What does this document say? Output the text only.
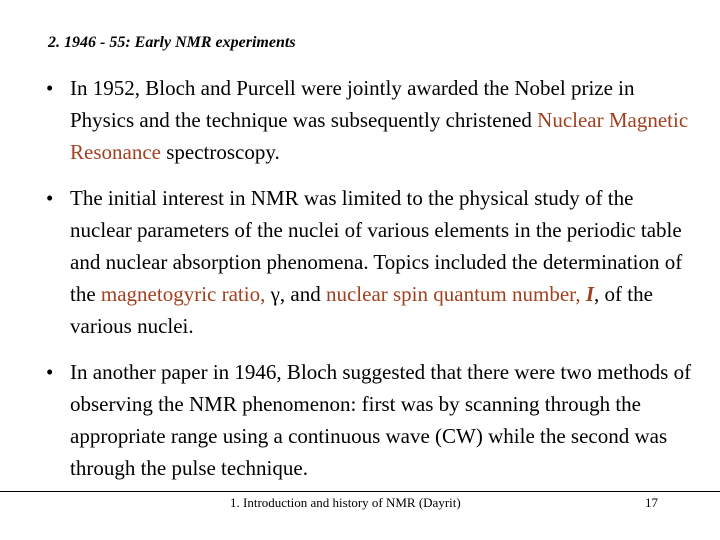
2. 1946 - 55: Early NMR experiments
• In 1952, Bloch and Purcell were jointly awarded the Nobel prize in Physics and the technique was subsequently christened Nuclear Magnetic Resonance spectroscopy.
• The initial interest in NMR was limited to the physical study of the nuclear parameters of the nuclei of various elements in the periodic table and nuclear absorption phenomena. Topics included the determination of the magnetogyric ratio, γ, and nuclear spin quantum number, I, of the various nuclei.
• In another paper in 1946, Bloch suggested that there were two methods of observing the NMR phenomenon: first was by scanning through the appropriate range using a continuous wave (CW) while the second was through the pulse technique.
1. Introduction and history of NMR (Dayrit)	17
